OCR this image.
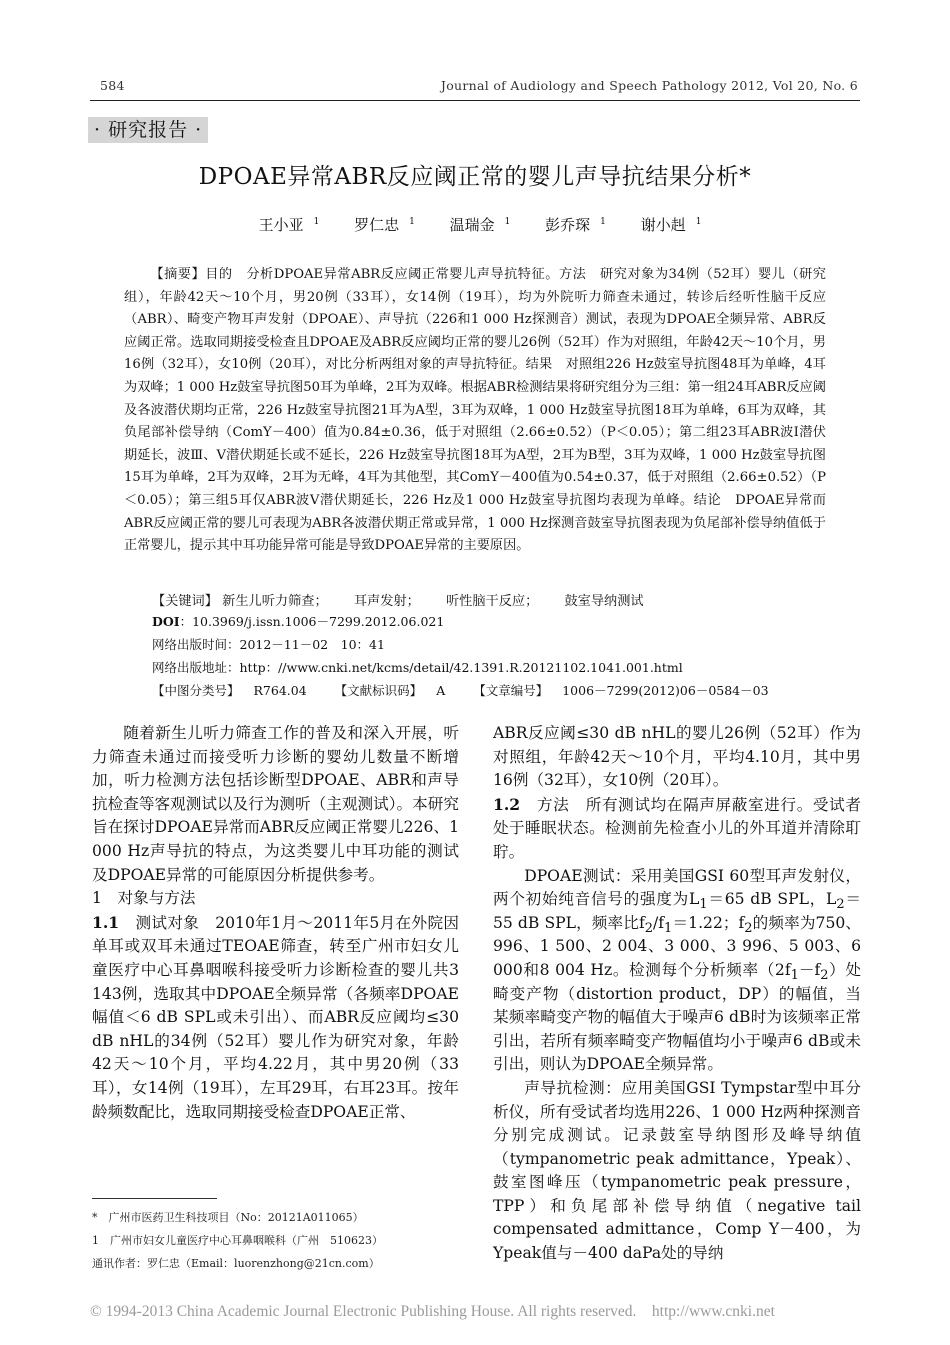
584	Journal of Audiology and Speech Pathology 2012, Vol 20, No. 6
· 研究报告 ·
DPOAE异常ABR反应阈正常的婴儿声导抗结果分析*
王小亚 $^1$ 罗仁忠 $^1$ 温瑞金 $^1$ 彭乔琛 $^1$ 谢小赳 $^1$
【摘要】目的　分析DPOAE异常ABR反应阈正常婴儿声导抗特征。方法　研究对象为34例（52耳）婴儿（研究组），年龄42天～10个月，男20例（33耳），女14例（19耳），均为外院听力筛查未通过，转诊后经听性脑干反应（ABR）、畸变产物耳声发射（DPOAE）、声导抗（226和1 000 Hz探测音）测试，表现为DPOAE全频异常、ABR反应阈正常。选取同期接受检查且DPOAE及ABR反应阈均正常的婴儿26例（52耳）作为对照组，年龄42天～10个月，男16例（32耳），女10例（20耳），对比分析两组对象的声导抗特征。结果　对照组226 Hz鼓室导抗图48耳为单峰，4耳为双峰；1 000 Hz鼓室导抗图50耳为单峰，2耳为双峰。根据ABR检测结果将研究组分为三组：第一组24耳ABR反应阈及各波潜伏期均正常，226 Hz鼓室导抗图21耳为A型，3耳为双峰，1 000 Hz鼓室导抗图18耳为单峰，6耳为双峰，其负尾部补偿导纳（ComY－400）值为0.84±0.36，低于对照组（2.66±0.52）（P＜0.05）；第二组23耳ABR波Ⅰ潜伏期延长，波Ⅲ、Ⅴ潜伏期延长或不延长，226 Hz鼓室导抗图18耳为A型，2耳为B型，3耳为双峰，1 000 Hz鼓室导抗图15耳为单峰，2耳为双峰，2耳为无峰，4耳为其他型，其ComY－400值为0.54±0.37，低于对照组（2.66±0.52）（P＜0.05）；第三组5耳仅ABR波Ⅴ潜伏期延长，226 Hz及1 000 Hz鼓室导抗图均表现为单峰。结论　DPOAE异常而ABR反应阈正常的婴儿可表现为ABR各波潜伏期正常或异常，1 000 Hz探测音鼓室导抗图表现为负尾部补偿导纳值低于正常婴儿，提示其中耳功能异常可能是导致DPOAE异常的主要原因。
【关键词】 新生儿听力筛查； 耳声发射； 听性脑干反应； 鼓室导纳测试
DOI：10.3969/j.issn.1006－7299.2012.06.021
网络出版时间：2012－11－02　10：41
网络出版地址：http：//www.cnki.net/kcms/detail/42.1391.R.20121102.1041.001.html
【中图分类号】 R764.04 【文献标识码】 A 【文章编号】 1006－7299(2012)06－0584－03

随着新生儿听力筛查工作的普及和深入开展，听力筛查未通过而接受听力诊断的婴幼儿数量不断增加，听力检测方法包括诊断型DPOAE、ABR和声导抗检查等客观测试以及行为测听（主观测试）。本研究旨在探讨DPOAE异常而ABR反应阈正常婴儿226、1 000 Hz声导抗的特点，为这类婴儿中耳功能的测试及DPOAE异常的可能原因分析提供参考。

1　对象与方法

1.1　 测试对象　 2010年1月～2011年5月在外院因单耳或双耳未通过TEOAE筛查，转至广州市妇女儿童医疗中心耳鼻咽喉科接受听力诊断检查的婴儿共3 143例，选取其中DPOAE全频异常（各频率DPOAE幅值＜6 dB SPL或未引出）、而ABR反应阈均≤30 dB nHL的34例（52耳）婴儿作为研究对象，年龄42天～10个月，平均4.22月，其中男20例（33耳），女14例（19耳），左耳29耳，右耳23耳。按年龄频数配比，选取同期接受检查DPOAE正常、

ABR反应阈≤30 dB nHL的婴儿26例（52耳）作为对照组，年龄42天～10个月，平均4.10月，其中男16例（32耳），女10例（20耳）。

1.2　 方法　 所有测试均在隔声屏蔽室进行。受试者处于睡眠状态。检测前先检查小儿的外耳道并清除耵聍。

DPOAE测试：采用美国GSI 60型耳声发射仪，两个初始纯音信号的强度为$L_1=65$ dB SPL，$L_2=55$ dB SPL，频率比$f_2/f_1=1.22$；$f_2$的频率为750、996、1 500、2 004、3 000、3 996、5 003、6 000和8 004 Hz。检测每个分析频率$(2f_1-f_2)$处畸变产物（distortion product，DP）的幅值，当某频率畸变产物的幅值大于噪声6 dB时为该频率正常引出，若所有频率畸变产物幅值均小于噪声6 dB或未引出，则认为DPOAE全频异常。

声导抗检测：应用美国GSI Tympstar型中耳分析仪，所有受试者均选用226、1 000 Hz两种探测音分别完成测试。记录鼓室导纳图形及峰导纳值（tympanometric peak admittance，Ypeak）、鼓室图峰压（tympanometric peak pressure，TPP）和负尾部补偿导纳值（negative tail compensated admittance，Comp Y－400，为Ypeak值与－400 daPa处的导纳

*　广州市医药卫生科技项目（No：20121A011065）
1　广州市妇女儿童医疗中心耳鼻咽喉科（广州　510623）
通讯作者：罗仁忠（Email：luorenzhong@21cn.com）
© 1994-2013 China Academic Journal Electronic Publishing House. All rights reserved.　http://www.cnki.net
